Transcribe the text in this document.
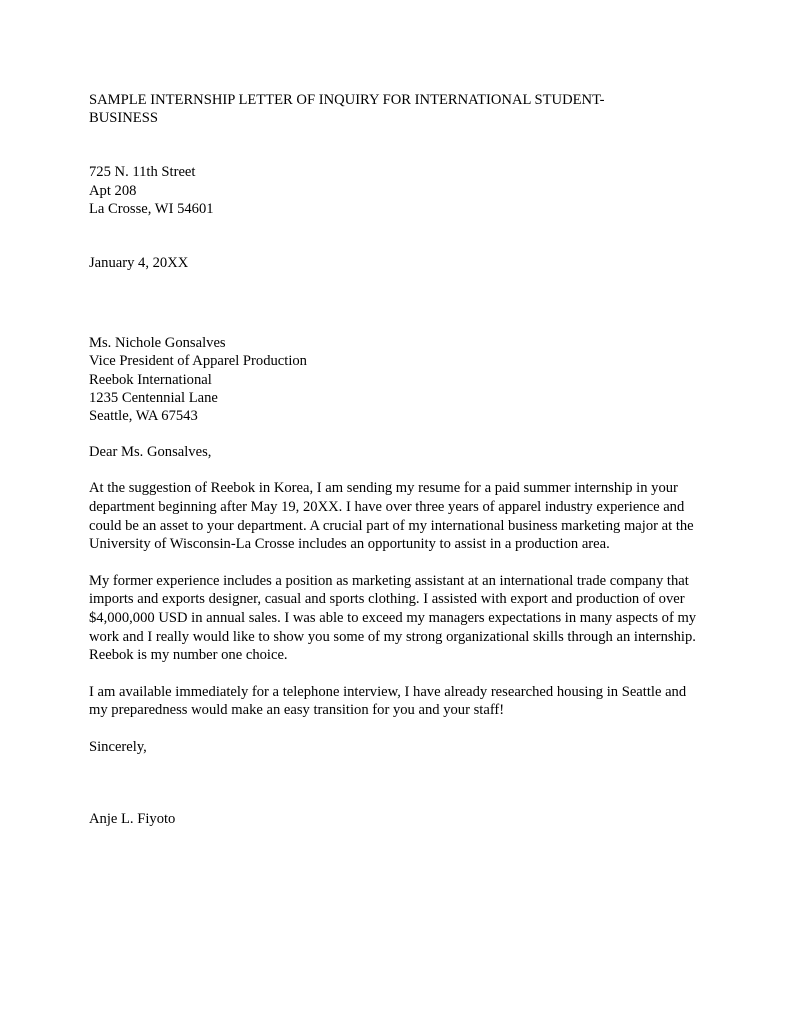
SAMPLE INTERNSHIP LETTER OF INQUIRY FOR INTERNATIONAL STUDENT-
BUSINESS
725 N. 11th Street
Apt 208
La Crosse, WI 54601
January 4, 20XX
Ms. Nichole Gonsalves
Vice President of Apparel Production
Reebok International
1235 Centennial Lane
Seattle, WA 67543
Dear Ms. Gonsalves,

At the suggestion of Reebok in Korea, I am sending my resume for a paid summer internship in your department beginning after May 19, 20XX. I have over three years of apparel industry experience and could be an asset to your department. A crucial part of my international business marketing major at the University of Wisconsin-La Crosse includes an opportunity to assist in a production area.

My former experience includes a position as marketing assistant at an international trade company that imports and exports designer, casual and sports clothing. I assisted with export and production of over $4,000,000 USD in annual sales. I was able to exceed my managers expectations in many aspects of my work and I really would like to show you some of my strong organizational skills through an internship. Reebok is my number one choice.

I am available immediately for a telephone interview, I have already researched housing in Seattle and my preparedness would make an easy transition for you and your staff!

Sincerely,
Anje L. Fiyoto
